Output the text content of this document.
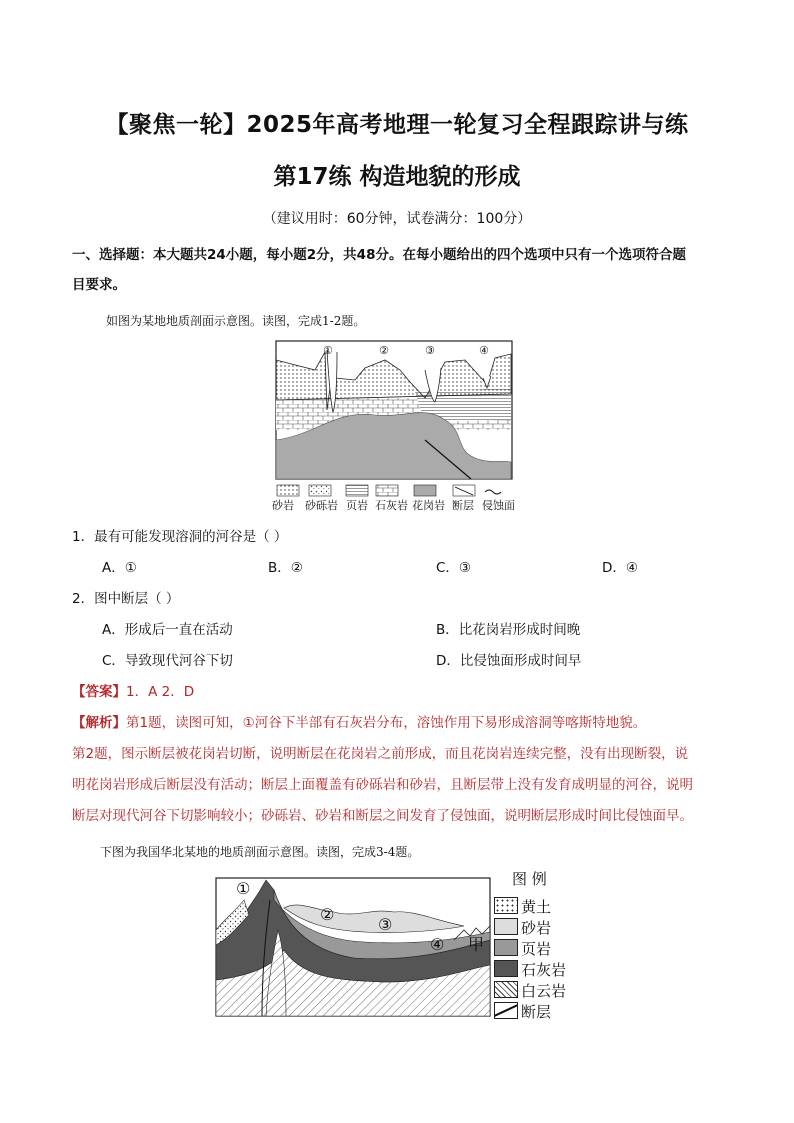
【聚焦一轮】2025年高考地理一轮复习全程跟踪讲与练
第17练 构造地貌的形成
（建议用时：60分钟，试卷满分：100分）
一、选择题：本大题共24小题，每小题2分，共48分。在每小题给出的四个选项中只有一个选项符合题
目要求。
如图为某地地质剖面示意图。读图，完成1-2题。
①	②	③	④
砂岩 砂砾岩 页岩 石灰岩 花岗岩 断层 侵蚀面
1．最有可能发现溶洞的河谷是（ ）
A．①	B．②	C．③	D．④
2．图中断层（ ）
A．形成后一直在活动	B．比花岗岩形成时间晚
C．导致现代河谷下切	D．比侵蚀面形成时间早
【答案】1．A 2．D
【解析】第1题，读图可知，①河谷下半部有石灰岩分布，溶蚀作用下易形成溶洞等喀斯特地貌。
第2题，图示断层被花岗岩切断，说明断层在花岗岩之前形成，而且花岗岩连续完整，没有出现断裂，说
明花岗岩形成后断层没有活动；断层上面覆盖有砂砾岩和砂岩，且断层带上没有发育成明显的河谷，说明
断层对现代河谷下切影响较小；砂砾岩、砂岩和断层之间发育了侵蚀面，说明断层形成时间比侵蚀面早。
下图为我国华北某地的地质剖面示意图。读图，完成3-4题。
①
②
③
④ 甲
图 例
黄土
砂岩
页岩
石灰岩
白云岩
断层
